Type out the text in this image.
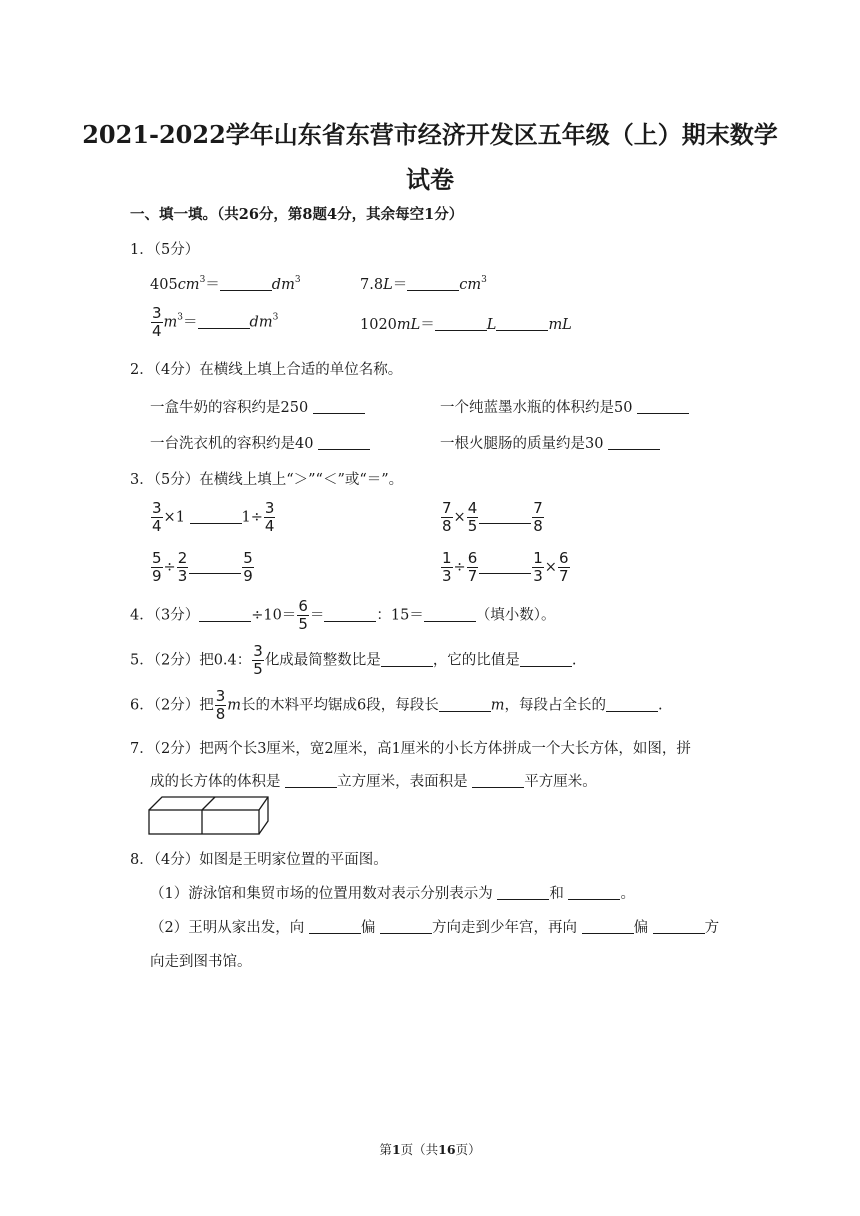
2021-2022学年山东省东营市经济开发区五年级（上）期末数学
试卷
一、填一填。（共26分，第8题4分，其余每空1分）
1．（5分）
$405cm^3=$	$dm^3$	7.8L＝	$cm^3$
$\frac{3}{4} m^3=$	$dm^3$	1020mL＝	L	mL
2．（4分）在横线上填上合适的单位名称。
一盒牛奶的容积约是250	一个纯蓝墨水瓶的体积约是50
一台洗衣机的容积约是40	一根火腿肠的质量约是30
3．（5分）在横线上填上“＞”“＜”或“＝”。
$\frac{3}{4} \times 1$	$1\div \frac{3}{4}$	$\frac{7}{8} \times \frac{4}{5}$	$\frac{7}{8}$
$\frac{5}{9} \div \frac{2}{3}$	$\frac{5}{9}$	$\frac{1}{3} \div \frac{6}{7}$	$\frac{1}{3} \times \frac{6}{7}$
4．（3分）	$\div 10= \frac{6}{5}$ ＝	：15＝	（填小数）。
5．（2分）把0.4： $\frac{3}{5}$ 化成最简整数比是	，它的比值是	.
6．（2分）把 $\frac{3}{8}$ m长的木料平均锯成6段，每段长	m，每段占全长的	.
7．（2分）把两个长3厘米，宽2厘米，高1厘米的小长方体拼成一个大长方体，如图，拼
成的长方体的体积是	立方厘米，表面积是	平方厘米。
8．（4分）如图是王明家位置的平面图。
（1）游泳馆和集贸市场的位置用数对表示分别表示为	和	。
（2）王明从家出发，向	偏	方向走到少年宫，再向	偏	方
向走到图书馆。
第1页（共16页）
